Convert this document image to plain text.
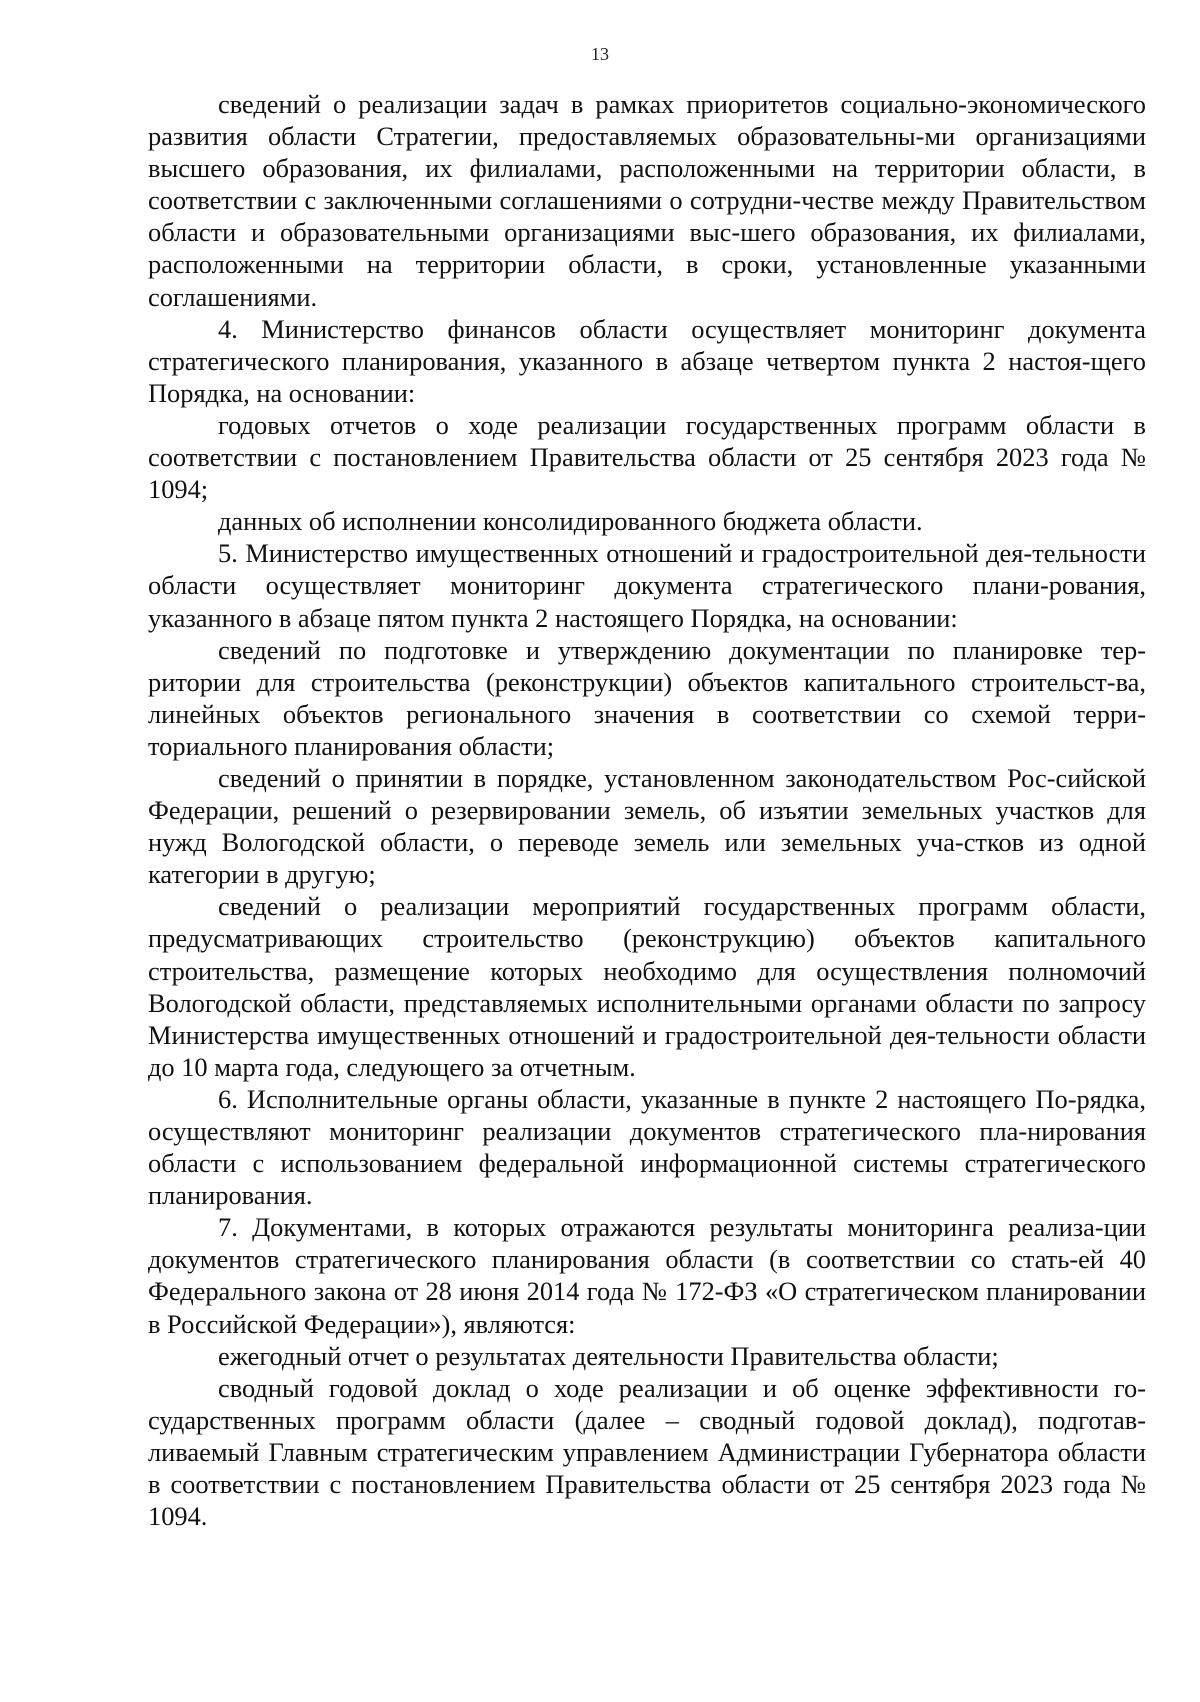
13

сведений о реализации задач в рамках приоритетов социально-экономического развития области Стратегии, предоставляемых образовательны-ми организациями высшего образования, их филиалами, расположенными на территории области, в соответствии с заключенными соглашениями о сотрудни-честве между Правительством области и образовательными организациями выс-шего образования, их филиалами, расположенными на территории области, в сроки, установленные указанными соглашениями.

4. Министерство финансов области осуществляет мониторинг документа стратегического планирования, указанного в абзаце четвертом пункта 2 настоя-щего Порядка, на основании:

годовых отчетов о ходе реализации государственных программ области в соответствии с постановлением Правительства области от 25 сентября 2023 года № 1094;

данных об исполнении консолидированного бюджета области.

5. Министерство имущественных отношений и градостроительной дея-тельности области осуществляет мониторинг документа стратегического плани-рования, указанного в абзаце пятом пункта 2 настоящего Порядка, на основании:

сведений по подготовке и утверждению документации по планировке тер-ритории для строительства (реконструкции) объектов капитального строительст-ва, линейных объектов регионального значения в соответствии со схемой терри-ториального планирования области;

сведений о принятии в порядке, установленном законодательством Рос-сийской Федерации, решений о резервировании земель, об изъятии земельных участков для нужд Вологодской области, о переводе земель или земельных уча-стков из одной категории в другую;

сведений о реализации мероприятий государственных программ области, предусматривающих строительство (реконструкцию) объектов капитального строительства, размещение которых необходимо для осуществления полномочий Вологодской области, представляемых исполнительными органами области по запросу Министерства имущественных отношений и градостроительной дея-тельности области до 10 марта года, следующего за отчетным.

6. Исполнительные органы области, указанные в пункте 2 настоящего По-рядка, осуществляют мониторинг реализации документов стратегического пла-нирования области с использованием федеральной информационной системы стратегического планирования.

7. Документами, в которых отражаются результаты мониторинга реализа-ции документов стратегического планирования области (в соответствии со стать-ей 40 Федерального закона от 28 июня 2014 года № 172-ФЗ «О стратегическом планировании в Российской Федерации»), являются:

ежегодный отчет о результатах деятельности Правительства области;

сводный годовой доклад о ходе реализации и об оценке эффективности го-сударственных программ области (далее – сводный годовой доклад), подготав-ливаемый Главным стратегическим управлением Администрации Губернатора области в соответствии с постановлением Правительства области от 25 сентября 2023 года № 1094.
